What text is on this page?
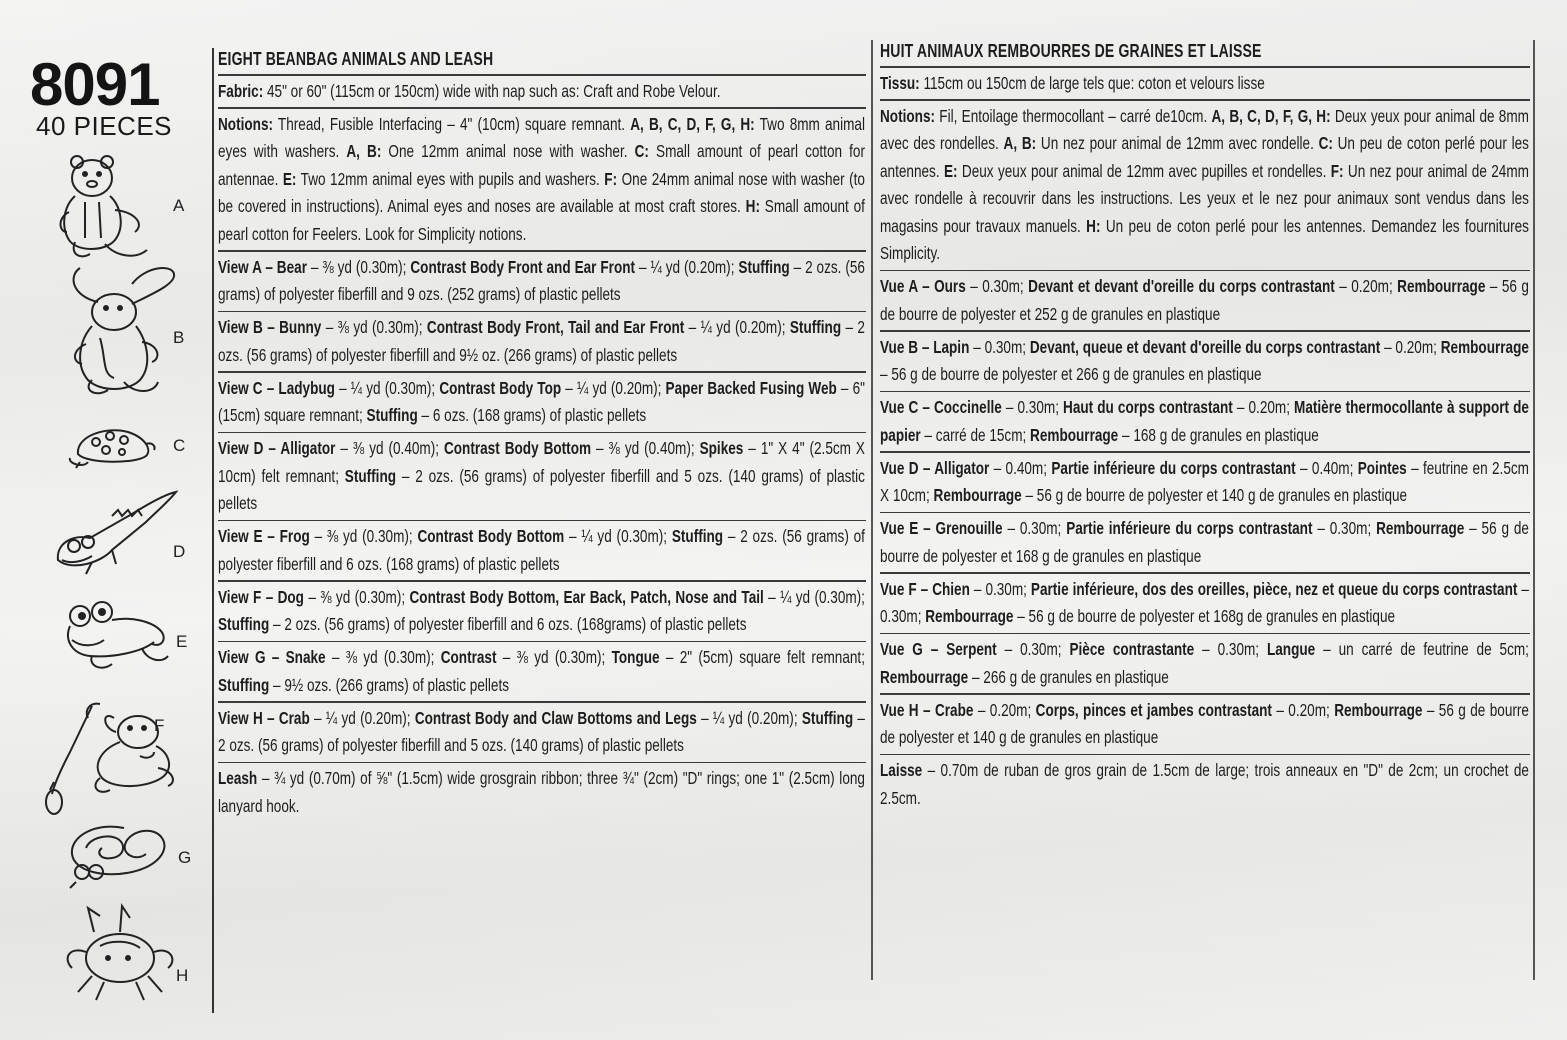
8091
40 PIECES
A
B
C
D
E
F
G
H
EIGHT BEANBAG ANIMALS AND LEASH
Fabric: 45" or 60" (115cm or 150cm) wide with nap such as: Craft and Robe Velour.
Notions: Thread, Fusible Interfacing – 4" (10cm) square remnant. A, B, C, D, F, G, H: Two 8mm animal eyes with washers. A, B: One 12mm animal nose with washer. C: Small amount of pearl cotton for antennae. E: Two 12mm animal eyes with pupils and washers. F: One 24mm animal nose with washer (to be covered in instructions). Animal eyes and noses are available at most craft stores. H: Small amount of pearl cotton for Feelers. Look for Simplicity notions.
View A – Bear – ⅜ yd (0.30m); Contrast Body Front and Ear Front – ¼ yd (0.20m); Stuffing – 2 ozs. (56 grams) of polyester fiberfill and 9 ozs. (252 grams) of plastic pellets
View B – Bunny – ⅜ yd (0.30m); Contrast Body Front, Tail and Ear Front – ¼ yd (0.20m); Stuffing – 2 ozs. (56 grams) of polyester fiberfill and 9½ oz. (266 grams) of plastic pellets
View C – Ladybug – ¼ yd (0.30m); Contrast Body Top – ¼ yd (0.20m); Paper Backed Fusing Web – 6" (15cm) square remnant; Stuffing – 6 ozs. (168 grams) of plastic pellets
View D – Alligator – ⅜ yd (0.40m); Contrast Body Bottom – ⅜ yd (0.40m); Spikes – 1" X 4" (2.5cm X 10cm) felt remnant; Stuffing – 2 ozs. (56 grams) of polyester fiberfill and 5 ozs. (140 grams) of plastic pellets
View E – Frog – ⅜ yd (0.30m); Contrast Body Bottom – ¼ yd (0.30m); Stuffing – 2 ozs. (56 grams) of polyester fiberfill and 6 ozs. (168 grams) of plastic pellets
View F – Dog – ⅜ yd (0.30m); Contrast Body Bottom, Ear Back, Patch, Nose and Tail – ¼ yd (0.30m); Stuffing – 2 ozs. (56 grams) of polyester fiberfill and 6 ozs. (168grams) of plastic pellets
View G – Snake – ⅜ yd (0.30m); Contrast – ⅜ yd (0.30m); Tongue – 2" (5cm) square felt remnant; Stuffing – 9½ ozs. (266 grams) of plastic pellets
View H – Crab – ¼ yd (0.20m); Contrast Body and Claw Bottoms and Legs – ¼ yd (0.20m); Stuffing – 2 ozs. (56 grams) of polyester fiberfill and 5 ozs. (140 grams) of plastic pellets
Leash – ¾ yd (0.70m) of ⅝" (1.5cm) wide grosgrain ribbon; three ¾" (2cm) "D" rings; one 1" (2.5cm) long lanyard hook.
HUIT ANIMAUX REMBOURRES DE GRAINES ET LAISSE
Tissu: 115cm ou 150cm de large tels que: coton et velours lisse
Notions: Fil, Entoilage thermocollant – carré de10cm. A, B, C, D, F, G, H: Deux yeux pour animal de 8mm avec des rondelles. A, B: Un nez pour animal de 12mm avec rondelle. C: Un peu de coton perlé pour les antennes. E: Deux yeux pour animal de 12mm avec pupilles et rondelles. F: Un nez pour animal de 24mm avec rondelle à recouvrir dans les instructions. Les yeux et le nez pour animaux sont vendus dans les magasins pour travaux manuels. H: Un peu de coton perlé pour les antennes. Demandez les fournitures Simplicity.
Vue A – Ours – 0.30m; Devant et devant d'oreille du corps contrastant – 0.20m; Rembourrage – 56 g de bourre de polyester et 252 g de granules en plastique
Vue B – Lapin – 0.30m; Devant, queue et devant d'oreille du corps contrastant – 0.20m; Rembourrage – 56 g de bourre de polyester et 266 g de granules en plastique
Vue C – Coccinelle – 0.30m; Haut du corps contrastant – 0.20m; Matière thermocollante à support de papier – carré de 15cm; Rembourrage – 168 g de granules en plastique
Vue D – Alligator – 0.40m; Partie inférieure du corps contrastant – 0.40m; Pointes – feutrine en 2.5cm X 10cm; Rembourrage – 56 g de bourre de polyester et 140 g de granules en plastique
Vue E – Grenouille – 0.30m; Partie inférieure du corps contrastant – 0.30m; Rembourrage – 56 g de bourre de polyester et 168 g de granules en plastique
Vue F – Chien – 0.30m; Partie inférieure, dos des oreilles, pièce, nez et queue du corps contrastant – 0.30m; Rembourrage – 56 g de bourre de polyester et 168g de granules en plastique
Vue G – Serpent – 0.30m; Pièce contrastante – 0.30m; Langue – un carré de feutrine de 5cm; Rembourrage – 266 g de granules en plastique
Vue H – Crabe – 0.20m; Corps, pinces et jambes contrastant – 0.20m; Rembourrage – 56 g de bourre de polyester et 140 g de granules en plastique
Laisse – 0.70m de ruban de gros grain de 1.5cm de large; trois anneaux en "D" de 2cm; un crochet de 2.5cm.
